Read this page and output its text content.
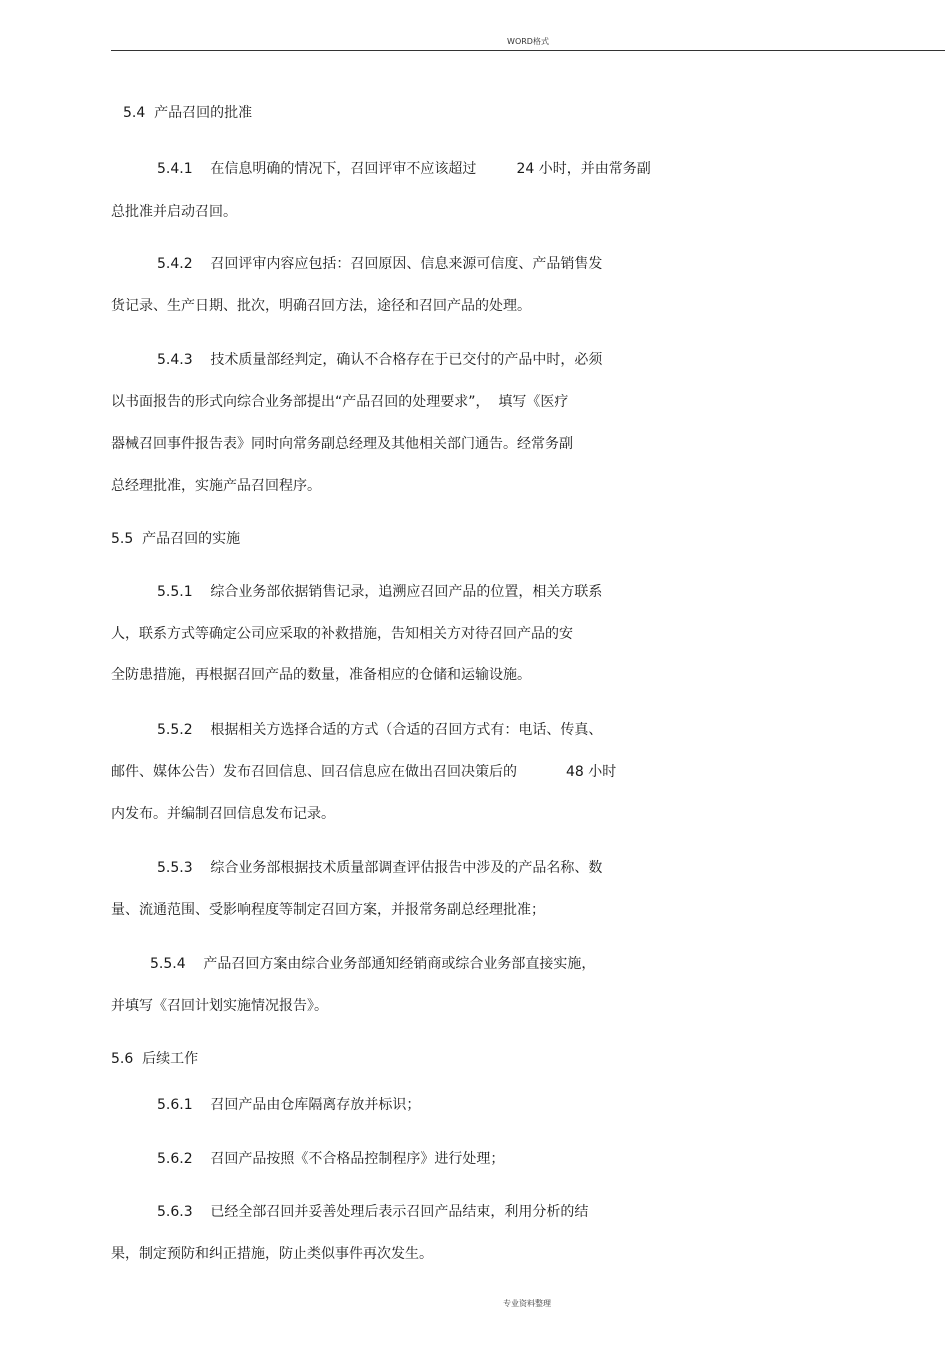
WORD格式
5.4  产品召回的批准
5.4.1    在信息明确的情况下，召回评审不应该超过         24 小时，并由常务副
总批准并启动召回。
5.4.2    召回评审内容应包括：召回原因、信息来源可信度、产品销售发
货记录、生产日期、批次，明确召回方法，途径和召回产品的处理。
5.4.3    技术质量部经判定，确认不合格存在于已交付的产品中时，必须
以书面报告的形式向综合业务部提出“产品召回的处理要求”，  填写《医疗
器械召回事件报告表》同时向常务副总经理及其他相关部门通告。经常务副
总经理批准，实施产品召回程序。
5.5  产品召回的实施
5.5.1    综合业务部依据销售记录，追溯应召回产品的位置，相关方联系
人，联系方式等确定公司应采取的补救措施，告知相关方对待召回产品的安
全防患措施，再根据召回产品的数量，准备相应的仓储和运输设施。
5.5.2    根据相关方选择合适的方式（合适的召回方式有：电话、传真、
邮件、媒体公告）发布召回信息、回召信息应在做出召回决策后的           48 小时
内发布。并编制召回信息发布记录。
5.5.3    综合业务部根据技术质量部调查评估报告中涉及的产品名称、数
量、流通范围、受影响程度等制定召回方案，并报常务副总经理批准；
5.5.4    产品召回方案由综合业务部通知经销商或综合业务部直接实施，
并填写《召回计划实施情况报告》。
5.6  后续工作
5.6.1    召回产品由仓库隔离存放并标识；
5.6.2    召回产品按照《不合格品控制程序》进行处理；
5.6.3    已经全部召回并妥善处理后表示召回产品结束，利用分析的结
果，制定预防和纠正措施，防止类似事件再次发生。
专业资料整理
